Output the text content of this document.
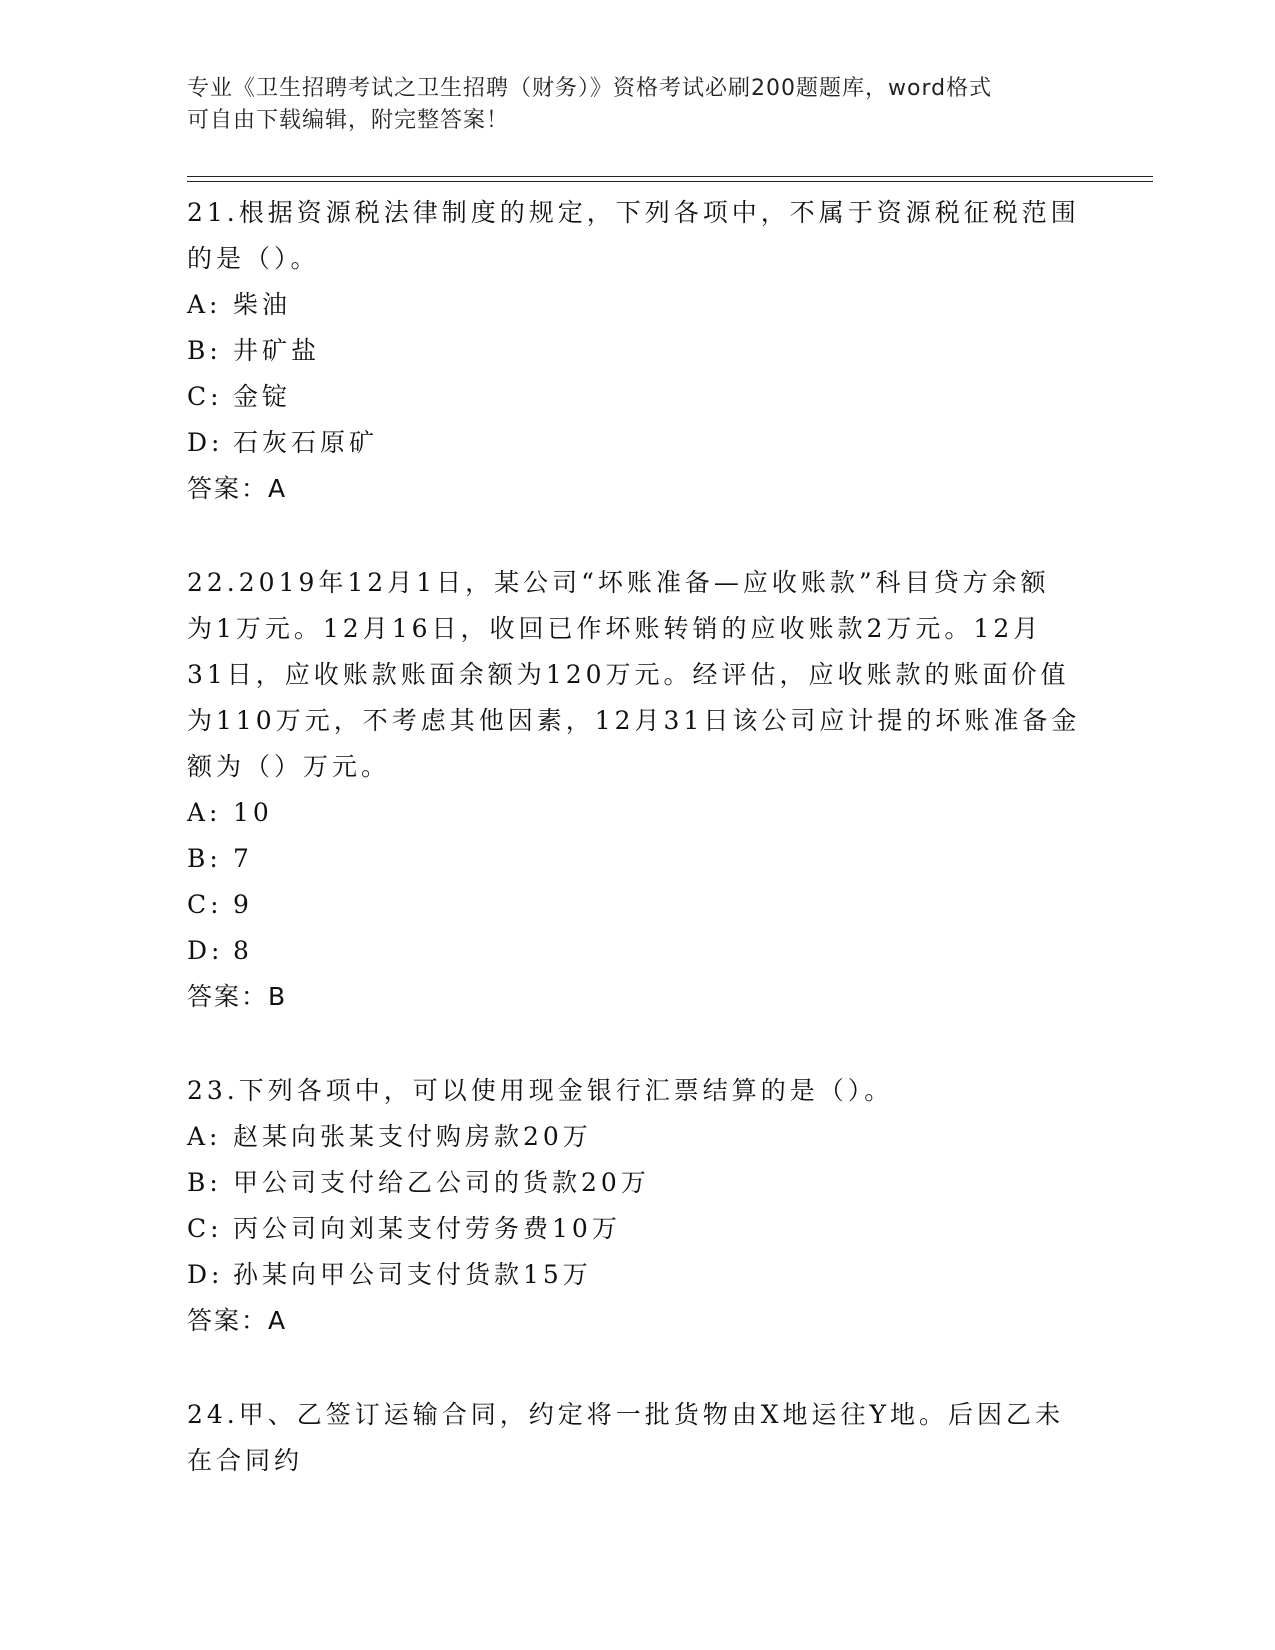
专业《卫生招聘考试之卫生招聘（财务）》资格考试必刷200题题库，word格式
可自由下载编辑，附完整答案！

21.根据资源税法律制度的规定，下列各项中，不属于资源税征税范围

的是（）。

A: 柴油
B: 井矿盐
C: 金锭
D: 石灰石原矿

答案：A

22.2019年12月1日，某公司“坏账准备—应收账款”科目贷方余额

为1万元。12月16日，收回已作坏账转销的应收账款2万元。12月

31日，应收账款账面余额为120万元。经评估，应收账款的账面价值

为110万元，不考虑其他因素，12月31日该公司应计提的坏账准备金

额为（）万元。

A: 10
B: 7
C: 9
D: 8

答案：B

23.下列各项中，可以使用现金银行汇票结算的是（）。

A: 赵某向张某支付购房款20万
B: 甲公司支付给乙公司的货款20万
C: 丙公司向刘某支付劳务费10万
D: 孙某向甲公司支付货款15万

答案：A

24.甲、乙签订运输合同，约定将一批货物由X地运往Y地。后因乙未

在合同约
